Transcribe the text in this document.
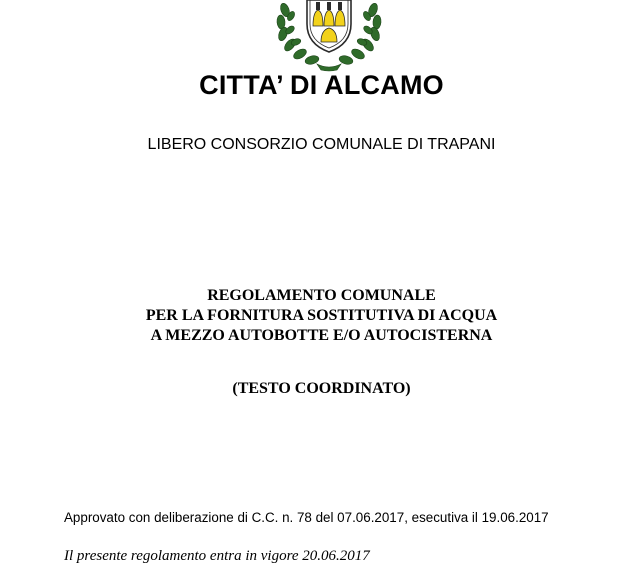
CITTA’ DI ALCAMO
LIBERO CONSORZIO COMUNALE DI TRAPANI
REGOLAMENTO COMUNALE
PER LA FORNITURA SOSTITUTIVA DI ACQUA
A MEZZO AUTOBOTTE E/O AUTOCISTERNA
(TESTO COORDINATO)
Approvato con deliberazione di C.C. n. 78 del 07.06.2017, esecutiva il 19.06.2017
Il presente regolamento entra in vigore 20.06.2017
